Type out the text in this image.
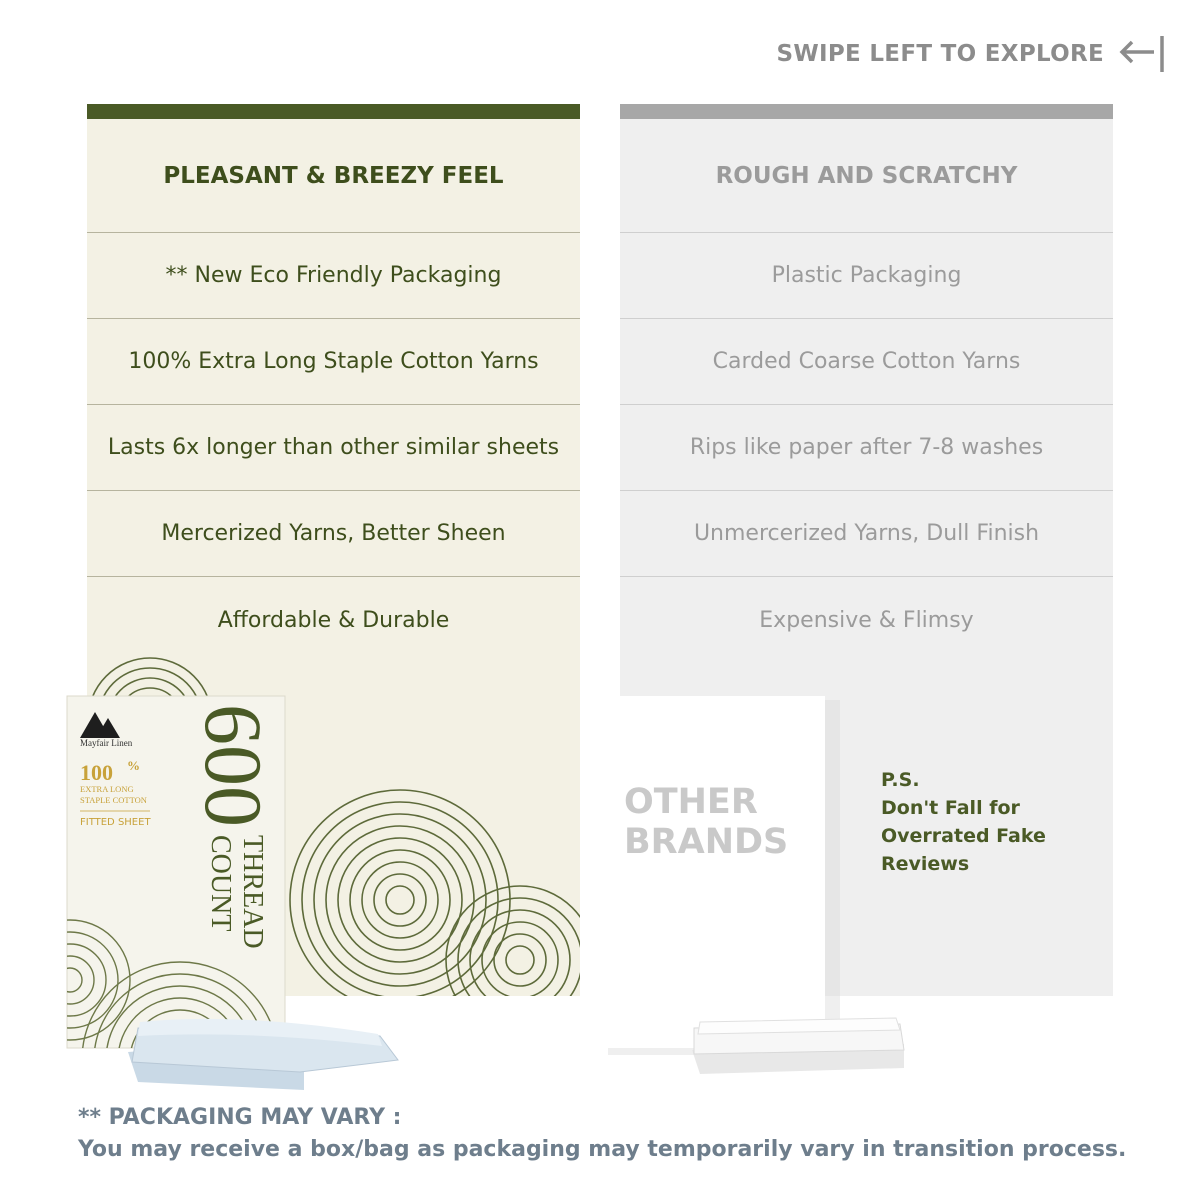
SWIPE LEFT TO EXPLORE
PLEASANT & BREEZY FEEL
** New Eco Friendly Packaging
100% Extra Long Staple Cotton Yarns
Lasts 6x longer than other similar sheets
Mercerized Yarns, Better Sheen
Affordable & Durable
ROUGH AND SCRATCHY
Plastic Packaging
Carded Coarse Cotton Yarns
Rips like paper after 7-8 washes
Unmercerized Yarns, Dull Finish
Expensive & Flimsy
Mayfair Linen
100 %
EXTRA LONG
STAPLE COTTON
FITTED SHEET 600
THREAD
COUNT
OTHER
BRANDS
P.S.
Don't Fall for
Overrated Fake
Reviews
** PACKAGING MAY VARY :
You may receive a box/bag as packaging may temporarily vary in transition process.
